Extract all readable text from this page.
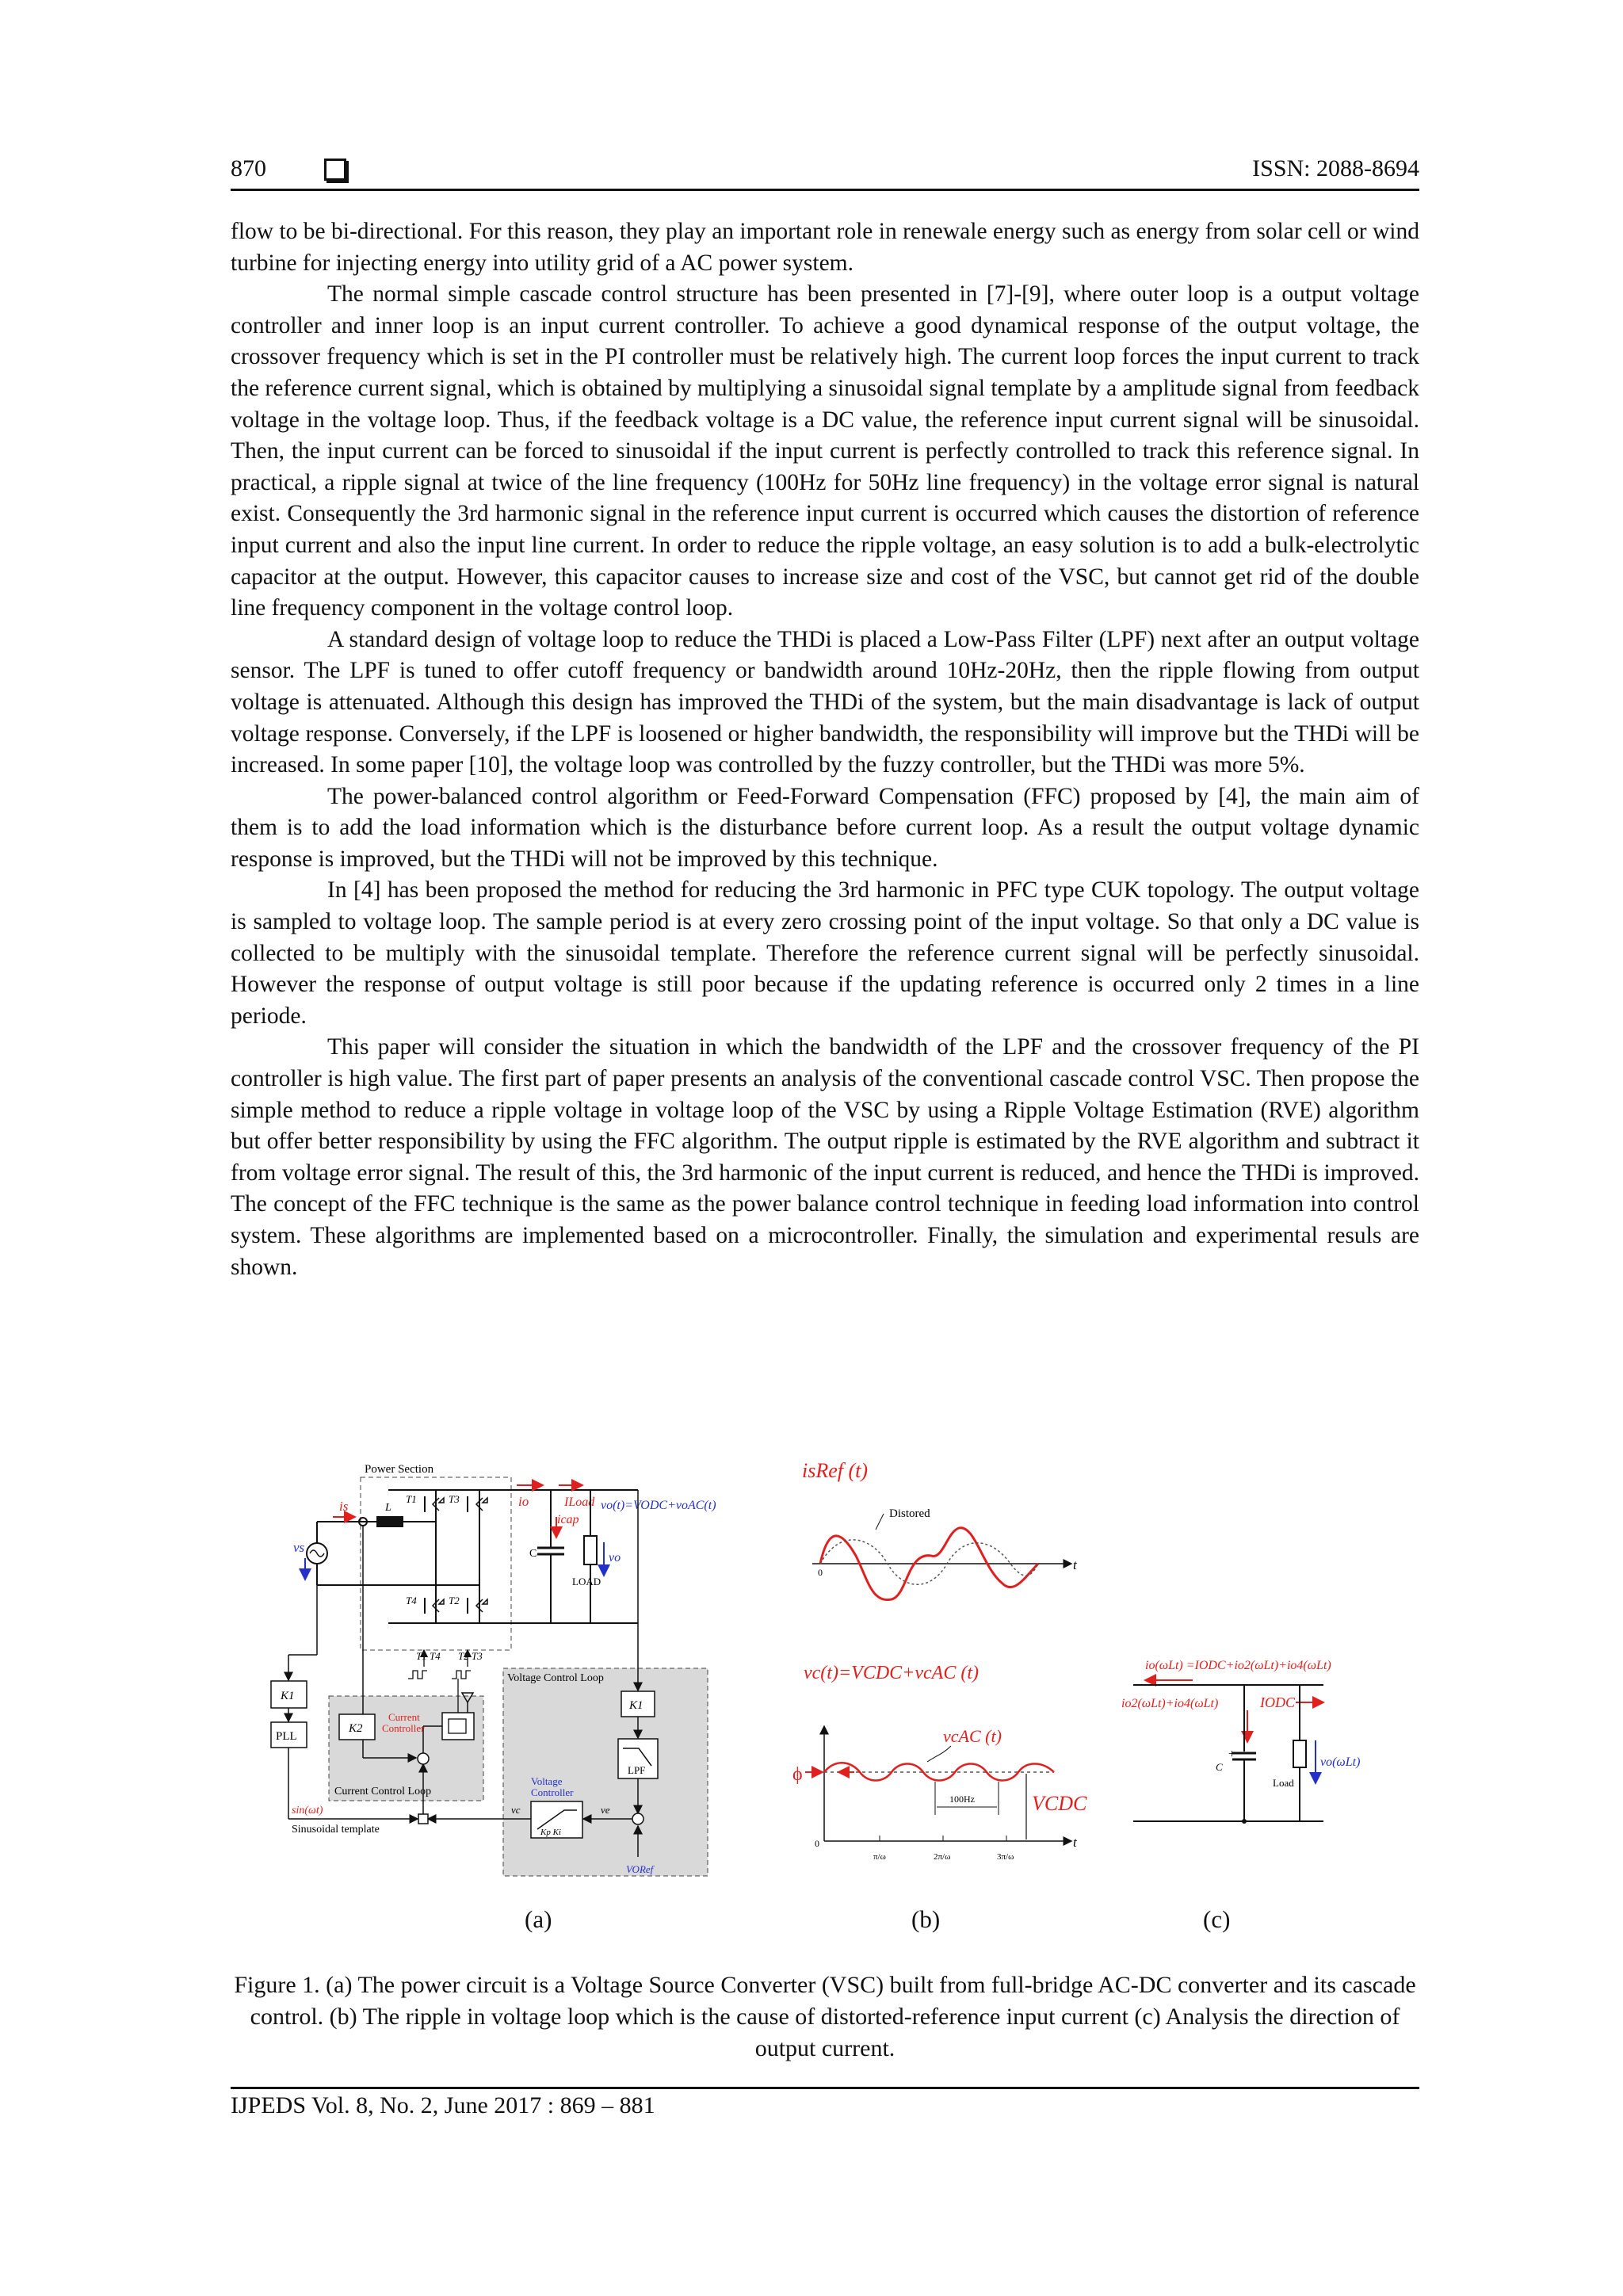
870	ISSN: 2088-8694

flow to be bi-directional. For this reason, they play an important role in renewale energy such as energy from solar cell or wind turbine for injecting energy into utility grid of a AC power system.

The normal simple cascade control structure has been presented in [7]-[9], where outer loop is a output voltage controller and inner loop is an input current controller. To achieve a good dynamical response of the output voltage, the crossover frequency which is set in the PI controller must be relatively high. The current loop forces the input current to track the reference current signal, which is obtained by multiplying a sinusoidal signal template by a amplitude signal from feedback voltage in the voltage loop. Thus, if the feedback voltage is a DC value, the reference input current signal will be sinusoidal. Then, the input current can be forced to sinusoidal if the input current is perfectly controlled to track this reference signal. In practical, a ripple signal at twice of the line frequency (100Hz for 50Hz line frequency) in the voltage error signal is natural exist. Consequently the 3rd harmonic signal in the reference input current is occurred which causes the distortion of reference input current and also the input line current. In order to reduce the ripple voltage, an easy solution is to add a bulk-electrolytic capacitor at the output. However, this capacitor causes to increase size and cost of the VSC, but cannot get rid of the double line frequency component in the voltage control loop.

A standard design of voltage loop to reduce the THDi is placed a Low-Pass Filter (LPF) next after an output voltage sensor. The LPF is tuned to offer cutoff frequency or bandwidth around 10Hz-20Hz, then the ripple flowing from output voltage is attenuated. Although this design has improved the THDi of the system, but the main disadvantage is lack of output voltage response. Conversely, if the LPF is loosened or higher bandwidth, the responsibility will improve but the THDi will be increased. In some paper [10], the voltage loop was controlled by the fuzzy controller, but the THDi was more 5%.

The power-balanced control algorithm or Feed-Forward Compensation (FFC) proposed by [4], the main aim of them is to add the load information which is the disturbance before current loop. As a result the output voltage dynamic response is improved, but the THDi will not be improved by this technique.

In [4] has been proposed the method for reducing the 3rd harmonic in PFC type CUK topology. The output voltage is sampled to voltage loop. The sample period is at every zero crossing point of the input voltage. So that only a DC value is collected to be multiply with the sinusoidal template. Therefore the reference current signal will be perfectly sinusoidal. However the response of output voltage is still poor because if the updating reference is occurred only 2 times in a line periode.

This paper will consider the situation in which the bandwidth of the LPF and the crossover frequency of the PI controller is high value. The first part of paper presents an analysis of the conventional cascade control VSC. Then propose the simple method to reduce a ripple voltage in voltage loop of the VSC by using a Ripple Voltage Estimation (RVE) algorithm but offer better responsibility by using the FFC algorithm. The output ripple is estimated by the RVE algorithm and subtract it from voltage error signal. The result of this, the 3rd harmonic of the input current is reduced, and hence the THDi is improved. The concept of the FFC technique is the same as the power balance control technique in feeding load information into control system. These algorithms are implemented based on a microcontroller. Finally, the simulation and experimental resuls are shown.

Power Section
is	L
vs
T1	T3
T4	T2
io
C
icap
ILoad
LOAD
vo(t)=VODC+voAC(t)
vo
T1 T4 T2 T3
Voltage Control Loop
K1
LPF
VORef
ve
Voltage
Controller
Kp Ki
vc
Current Control Loop
K2
Current
Controller
K1
PLL
sin(ωt)
Sinusoidal template
isRef (t)
Distored
t
0
vc(t)=VCDC+vcAC (t)
t
0
vcAC (t)
ϕ
100Hz	VCDC
π/ω	2π/ω	3π/ω
io(ωLt) =IODC+io2(ωLt)+io4(ωLt)
io2(ωLt)+io4(ωLt)	IODC
+
C
Load
vo(ωLt)
(a)	(b)	(c)
Figure 1. (a) The power circuit is a Voltage Source Converter (VSC) built from full-bridge AC-DC converter and its cascade control. (b) The ripple in voltage loop which is the cause of distorted-reference input current (c) Analysis the direction of output current.
IJPEDS Vol. 8, No. 2, June 2017 : 869 – 881
